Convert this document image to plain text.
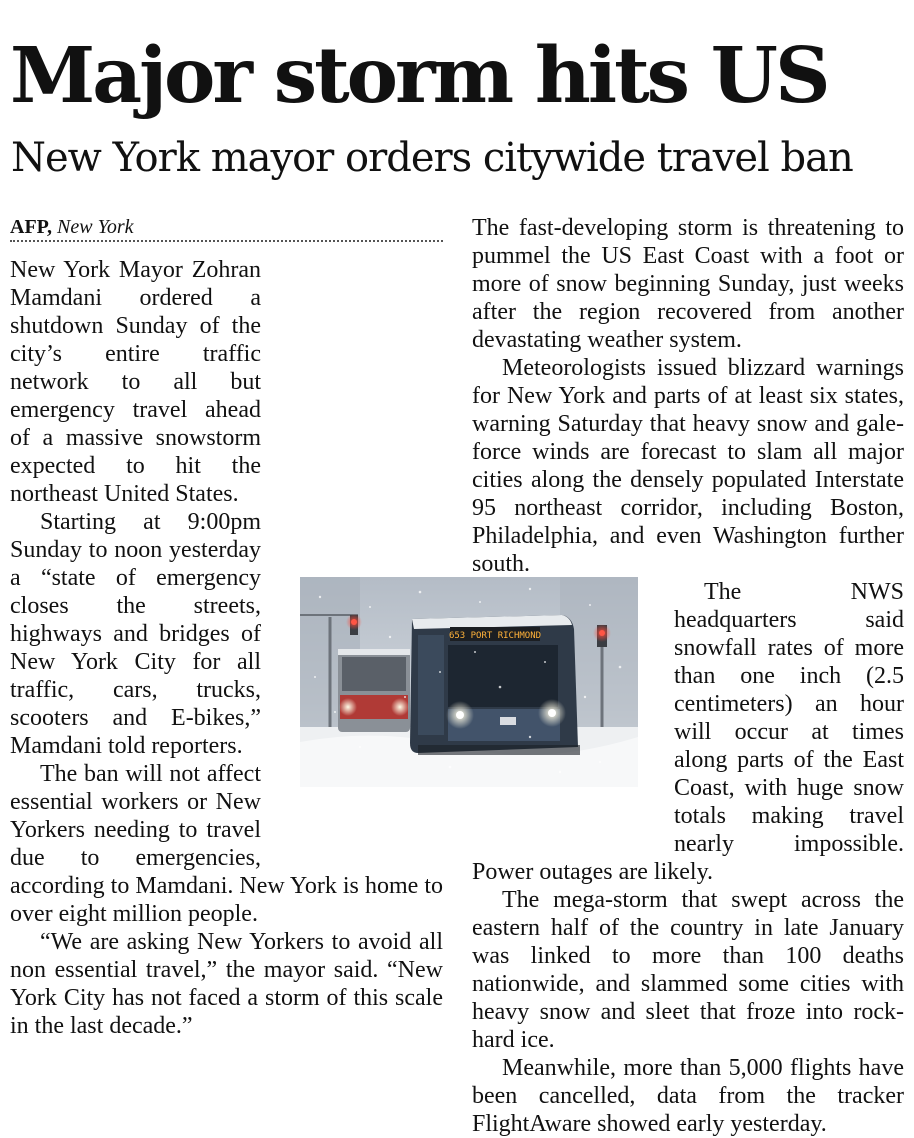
Major storm hits US
New York mayor orders citywide travel ban
AFP, New York

New York Mayor Zohran Mamdani ordered a shutdown Sunday of the city’s entire traffic network to all but emergency travel ahead of a massive snowstorm expected to hit the northeast United States.

Starting at 9:00pm Sunday to noon yesterday a “state of emergency closes the streets, highways and bridges of New York City for all traffic, cars, trucks, scooters and E-bikes,” Mamdani told reporters.

The ban will not affect essential workers or New Yorkers needing to travel due to emergencies, according to Mamdani. New York is home to over eight million people.

“We are asking New Yorkers to avoid all non essential travel,” the mayor said. “New York City has not faced a storm of this scale in the last decade.”

The fast-developing storm is threatening to pummel the US East Coast with a foot or more of snow beginning Sunday, just weeks after the region recovered from another devastating weather system.

Meteorologists issued blizzard warnings for New York and parts of at least six states, warning Saturday that heavy snow and gale-force winds are forecast to slam all major cities along the densely populated Interstate 95 northeast corridor, including Boston, Philadelphia, and even Washington further south.

The NWS headquarters said snowfall rates of more than one inch (2.5 centimeters) an hour will occur at times along parts of the East Coast, with huge snow totals making travel nearly impossible. Power outages are likely.

The mega-storm that swept across the eastern half of the country in late January was linked to more than 100 deaths nationwide, and slammed some cities with heavy snow and sleet that froze into rock-hard ice.

Meanwhile, more than 5,000 flights have been cancelled, data from the tracker FlightAware showed early yesterday.

653 PORT RICHMOND
